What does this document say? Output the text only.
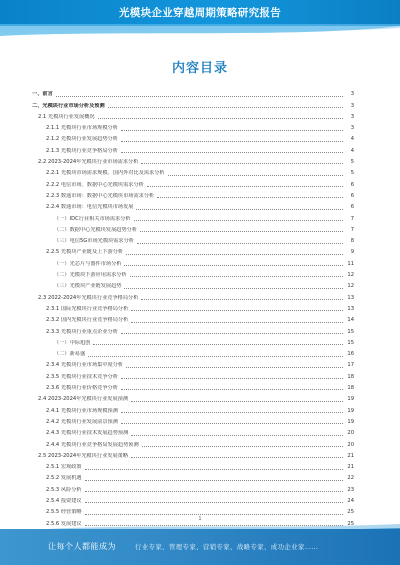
光模块企业穿越周期策略研究报告
内容目录
一、前言	3
二、光模块行业市场分析及预测	3
2.1 光模块行业发展概况	3
2.1.1 光模块行业市场规模分析	3
2.1.2 光模块行业发展趋势分析	4
2.1.3 光模块行业竞争格局分析	4
2.2 2023-2024年光模块行业市场需求分析	5
2.2.1 光模块市场需求规模、国内外对比及需求分析	5
2.2.2 电信市场、数据中心光模块需求分析	6
2.2.3 数通市场：数据中心光模块市场需求分析	6
2.2.4 数通市场：电信光模块市场发展	6
（一）IDC行业相关市场需求分析	7
（二）数据中心光模块发展趋势分析	7
（三）电信5G市场光模块需求分析	8
2.2.5 光模块产业链及上下游分析	9
（一）光芯片与器件市场分析	11
（二）光模块下游应用需求分析	12
（三）光模块产业链发展趋势	12
2.3 2022-2024年光模块行业竞争格局分析	13
2.3.1 国际光模块行业竞争格局分析	13
2.3.2 国内光模块行业竞争格局分析	14
2.3.3 光模块行业重点企业分析	15
（一）中际旭创	15
（二）新易盛	16
2.3.4 光模块行业市场集中度分析	17
2.3.5 光模块行业技术竞争分析	18
2.3.6 光模块行业价格竞争分析	18
2.4 2023-2024年光模块行业发展预测	19
2.4.1 光模块行业市场规模预测	19
2.4.2 光模块行业发展前景预测	19
2.4.3 光模块行业技术发展趋势预测	20
2.4.4 光模块行业竞争格局发展趋势预测	20
2.5 2023-2024年光模块行业发展策略	21
2.5.1 宏观政策	21
2.5.2 发展机遇	22
2.5.3 风险分析	23
2.5.4 投资建议	24
2.5.5 经营策略	25
2.5.6 发展建议	25
1
让每个人都能成为	行业专家、管理专家、营销专家、战略专家、成功企业家……
